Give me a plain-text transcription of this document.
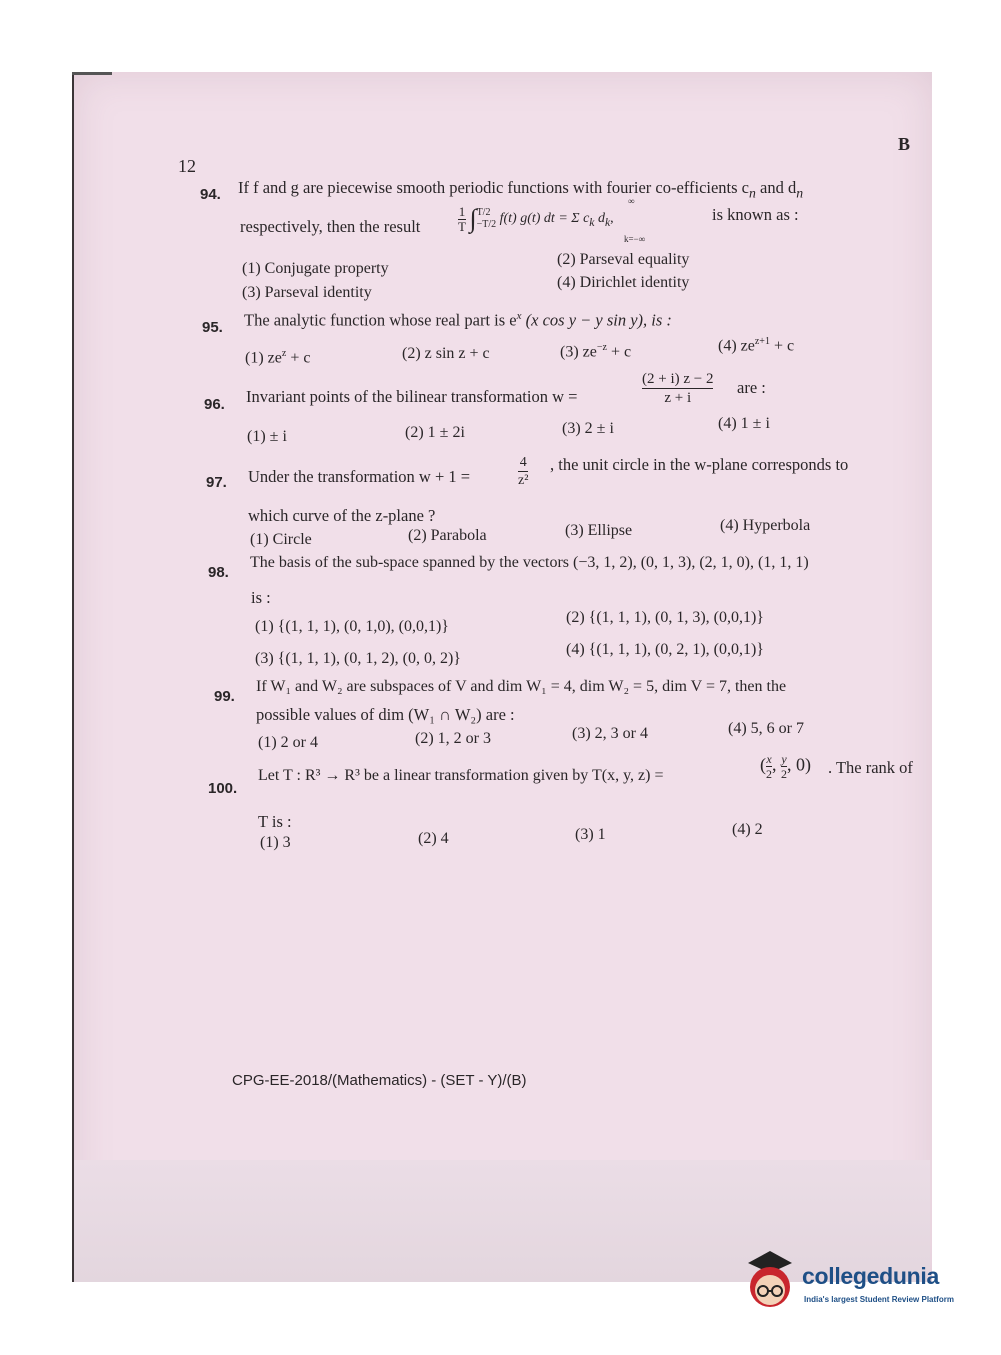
12
B
94. If f and g are piecewise smooth periodic functions with fourier co-efficients $c_n$ and $d_n$
respectively, then the result	$\frac{1}{T}$ ∫ T/2
−T/2 f(t) g(t) dt = Σ $c_k$ $d_k$,
∞
k=−∞
is known as :
(1) Conjugate property
(2) Parseval equality
(3) Parseval identity
(4) Dirichlet identity
95. The analytic function whose real part is $e^x$ (x cos y − y sin y), is :
(1) $ze^z + c$	(2) z sin z + c	(3) $ze^{-z} + c$	(4) $ze^{z+1} + c$
96. Invariant points of the bilinear transformation w =	$\frac{(2 + i) z - 2}{z + i}$ are :
(1) ± i	(2) 1 ± 2i	(3) 2 ± i	(4) 1 ± i
97. Under the transformation w + 1 =	$\frac{4}{\text{z²}}$ , the unit circle in the w-plane corresponds to
which curve of the z-plane ?
(1) Circle	(2) Parabola	(3) Ellipse	(4) Hyperbola
98.
The basis of the sub-space spanned by the vectors (−3, 1, 2), (0, 1, 3), (2, 1, 0), (1, 1, 1)
is :
(1) {(1, 1, 1), (0, 1,0), (0,0,1)}
(2) {(1, 1, 1), (0, 1, 3), (0,0,1)}
(3) {(1, 1, 1), (0, 1, 2), (0, 0, 2)}
(4) {(1, 1, 1), (0, 2, 1), (0,0,1)}
99.
If W₁ and W₂ are subspaces of V and dim W₁ = 4, dim W₂ = 5, dim V = 7, then the
possible values of dim (W₁ ∩ W₂) are :
(1) 2 or 4	(2) 1, 2 or 3	(3) 2, 3 or 4	(4) 5, 6 or 7
100.
Let T : R³ → R³ be a linear transformation given by T(x, y, z) =
( $\frac{x}{2}$ , $\frac{y}{2}$ , 0) . The rank of
T is :
(1) 3	(2) 4	(3) 1	(4) 2
CPG-EE-2018/(Mathematics) - (SET - Y)/(B)
collegedunia
India's largest Student Review Platform
